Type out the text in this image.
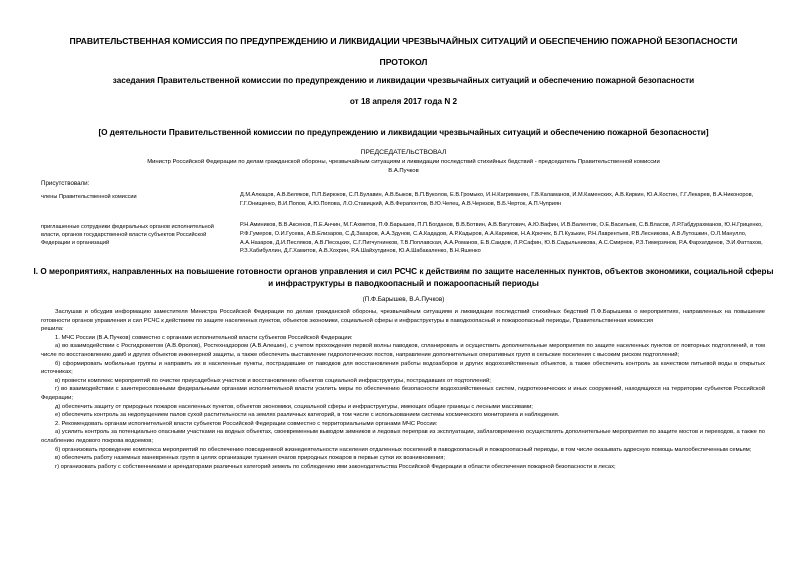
ПРАВИТЕЛЬСТВЕННАЯ КОМИССИЯ ПО ПРЕДУПРЕЖДЕНИЮ И ЛИКВИДАЦИИ ЧРЕЗВЫЧАЙНЫХ СИТУАЦИЙ И ОБЕСПЕЧЕНИЮ ПОЖАРНОЙ БЕЗОПАСНОСТИ
ПРОТОКОЛ
заседания Правительственной комиссии по предупреждению и ликвидации чрезвычайных ситуаций и обеспечению пожарной безопасности
от 18 апреля 2017 года N 2
[О деятельности Правительственной комиссии по предупреждению и ликвидации чрезвычайных ситуаций и обеспечению пожарной безопасности]
ПРЕДСЕДАТЕЛЬСТВОВАЛ
Министр Российской Федерации по делам гражданской обороны, чрезвычайным ситуациям и ликвидации последствий стихийных бедствий - председатель Правительственной комиссии
В.А.Пучков
Присутствовали:
члены Правительственной комиссии	Д.М.Алкацов, А.В.Беляков, П.П.Бирюков, С.П.Булавин, А.В.Быков, В.П.Вуколов, Е.В.Громыко, И.Н.Кагриманян, Г.В.Каламанов, И.М.Каменских, А.В.Киркин, Ю.А.Костин, Г.Г.Лекарев, В.А.Никоноров, Г.Г.Онищенко, В.И.Попов, А.Ю.Попова, Л.О.Ставицкий, А.В.Ферапонтов, В.Ю.Чепец, А.В.Черезов, В.Б.Черток, А.П.Чуприян
приглашенные сотрудники федеральных органов исполнительной власти, органов государственной власти субъектов Российской Федерации и организаций
Р.Н.Амиников, В.В.Аксенов, П.Е.Анчин, М.Г.Ахметов, П.Ф.Барышев, П.П.Богданов, В.В.Ботвин, А.В.Вагутович, А.Ю.Вафин, И.В.Валентик, О.Е.Васильев, С.В.Власов, Л.Р.Габдурахманов, Ю.Н.Гриценко, Р.Ф.Гумеров, О.И.Гусева, А.В.Елизаров, С.Д.Захаров, А.А.Здунов, С.А.Кададов, А.Р.Кадыров, А.А.Каримов, Н.А.Крючек, Б.П.Кузькин, Р.Н.Лаврентьев, Р.В.Лесникова, А.В.Лутошкин, О.Л.Манулло, А.А.Назаров, Д.И.Песляков, А.В.Песоцких, С.Г.Пигчугнинков, Т.В.Поплавская, А.А.Романов, Е.В.Саидов, Л.Р.Сафин, Ю.В.Садыльникова, А.С.Смирнов, Р.З.Тимерзянов, Р.А.Фархатдинов, Э.И.Фаттахов, Р.З.Хабибуллин, Д.Г.Хамитов, А.В.Хохрин, Р.А.Шайхутдинов, Ю.А.Шабакаленко, В.Н.Яшенко
I. О мероприятиях, направленных на повышение готовности органов управления и сил РСЧС к действиям по защите населенных пунктов, объектов экономики, социальной сферы и инфраструктуры в паводкоопасный и пожароопасный периоды
(П.Ф.Барышев, В.А.Пучков)

Заслушав и обсудив информацию заместителя Министра Российской Федерации по делам гражданской обороны, чрезвычайным ситуациям и ликвидации последствий стихийных бедствий П.Ф.Барышева о мероприятиях, направленных на повышение готовности органов управления и сил РСЧС к действиям по защите населенных пунктов, объектов экономики, социальной сферы и инфраструктуры в паводкоопасный и пожароопасный периоды, Правительственная комиссия

решила:

1. МЧС России (В.А.Пучков) совместно с органами исполнительной власти субъектов Российской Федерации:

а) во взаимодействии с Росгидрометом (А.В.Фролов), Ростехнадзором (А.В.Алешин), с учетом прохождения первой волны паводков, спланировать и осуществить дополнительные мероприятия по защите населенных пунктов от повторных подтоплений, в том числе по восстановлению дамб и других объектов инженерной защиты, а также обеспечить выставление гидрологических постов, направление дополнительных оперативных групп в сельские поселения с высоким риском подтоплений;

б) сформировать мобильные группы и направить их в населенные пункты, пострадавшие от паводков для восстановления работы водозаборов и других водохозяйственных объектов, а также обеспечить контроль за качеством питьевой воды в открытых источниках;

в) провести комплекс мероприятий по очистке приусадебных участков и восстановлению объектов социальной инфраструктуры, пострадавших от подтоплений;

г) во взаимодействии с заинтересованными федеральными органами исполнительной власти усилить меры по обеспечению безопасности водохозяйственных систем, гидротехнических и иных сооружений, находящихся на территории субъектов Российской Федерации;

д) обеспечить защиту от природных пожаров населенных пунктов, объектов экономики, социальной сферы и инфраструктуры, имеющих общие границы с лесными массивами;

е) обеспечить контроль за недопущением палов сухой растительности на землях различных категорий, в том числе с использованием системы космического мониторинга и наблюдения.

2. Рекомендовать органам исполнительной власти субъектов Российской Федерации совместно с территориальными органами МЧС России:

а) усилить контроль за потенциально опасными участками на водных объектах, своевременным выводом зимников и ледовых переправ из эксплуатации, заблаговременно осуществлять дополнительные мероприятия по защите мостов и переходов, а также по ослаблению ледового покрова водоемов;

б) организовать проведение комплекса мероприятий по обеспечению повседневной жизнедеятельности населения отдаленных поселений в паводкоопасный и пожароопасный периоды, в том числе оказывать адресную помощь малообеспеченным семьям;

в) обеспечить работу наземных маневренных групп в целях организации тушения очагов природных пожаров в первые сутки их возникновения;

г) организовать работу с собственниками и арендаторами различных категорий земель по соблюдению ими законодательства Российской Федерации в области обеспечения пожарной безопасности в лесах;
